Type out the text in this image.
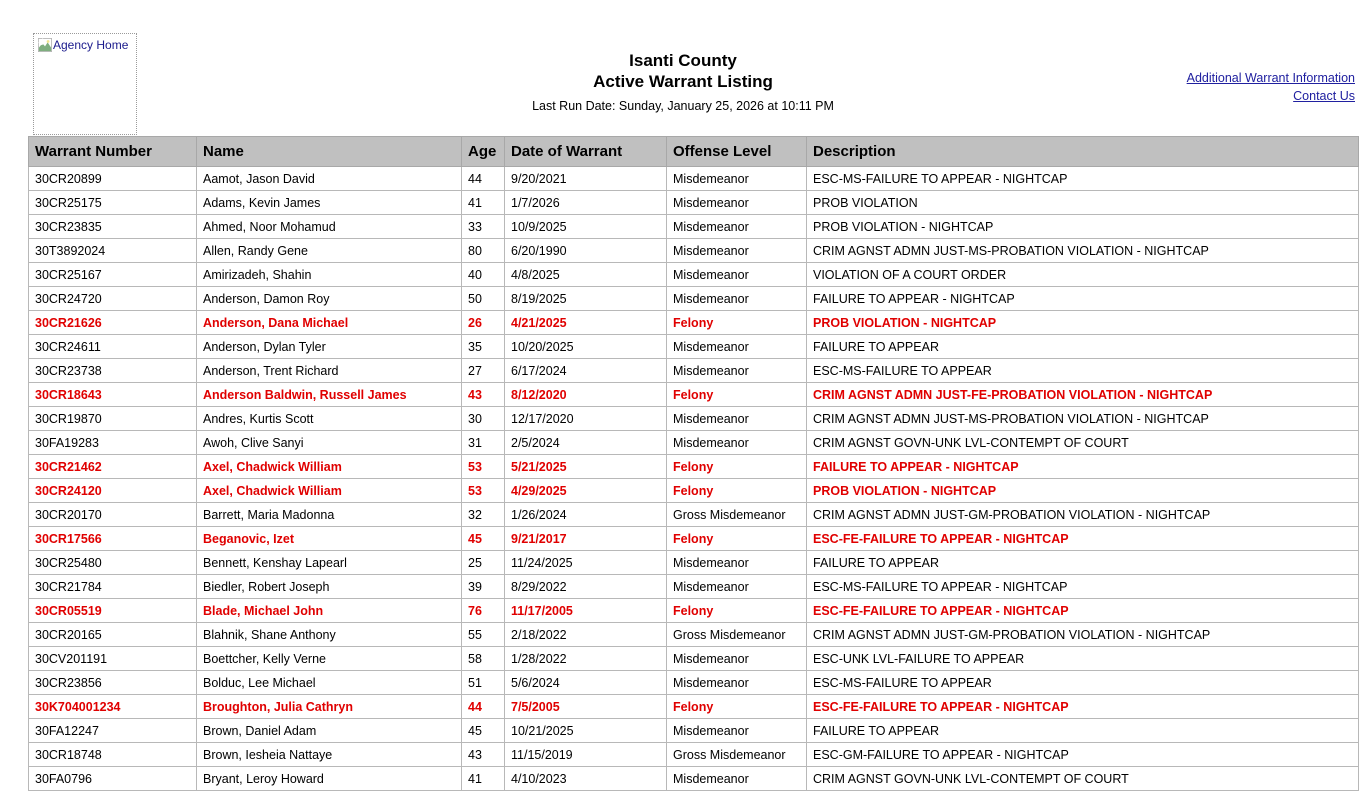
Agency Home
Isanti County
Active Warrant Listing
Last Run Date: Sunday, January 25, 2026 at 10:11 PM
Additional Warrant Information
Contact Us
Warrant Number	Name	Age	Date of Warrant	Offense Level	Description
30CR20899	Aamot, Jason David	44	9/20/2021	Misdemeanor	ESC-MS-FAILURE TO APPEAR - NIGHTCAP
30CR25175	Adams, Kevin James	41	1/7/2026	Misdemeanor	PROB VIOLATION
30CR23835	Ahmed, Noor Mohamud	33	10/9/2025	Misdemeanor	PROB VIOLATION - NIGHTCAP
30T3892024	Allen, Randy Gene	80	6/20/1990	Misdemeanor	CRIM AGNST ADMN JUST-MS-PROBATION VIOLATION - NIGHTCAP
30CR25167	Amirizadeh, Shahin	40	4/8/2025	Misdemeanor	VIOLATION OF A COURT ORDER
30CR24720	Anderson, Damon Roy	50	8/19/2025	Misdemeanor	FAILURE TO APPEAR - NIGHTCAP
30CR21626	Anderson, Dana Michael	26	4/21/2025	Felony	PROB VIOLATION - NIGHTCAP
30CR24611	Anderson, Dylan Tyler	35	10/20/2025	Misdemeanor	FAILURE TO APPEAR
30CR23738	Anderson, Trent Richard	27	6/17/2024	Misdemeanor	ESC-MS-FAILURE TO APPEAR
30CR18643	Anderson Baldwin, Russell James	43	8/12/2020	Felony	CRIM AGNST ADMN JUST-FE-PROBATION VIOLATION - NIGHTCAP
30CR19870	Andres, Kurtis Scott	30	12/17/2020	Misdemeanor	CRIM AGNST ADMN JUST-MS-PROBATION VIOLATION - NIGHTCAP
30FA19283	Awoh, Clive Sanyi	31	2/5/2024	Misdemeanor	CRIM AGNST GOVN-UNK LVL-CONTEMPT OF COURT
30CR21462	Axel, Chadwick William	53	5/21/2025	Felony	FAILURE TO APPEAR - NIGHTCAP
30CR24120	Axel, Chadwick William	53	4/29/2025	Felony	PROB VIOLATION - NIGHTCAP
30CR20170	Barrett, Maria Madonna	32	1/26/2024	Gross Misdemeanor	CRIM AGNST ADMN JUST-GM-PROBATION VIOLATION - NIGHTCAP
30CR17566	Beganovic, Izet	45	9/21/2017	Felony	ESC-FE-FAILURE TO APPEAR - NIGHTCAP
30CR25480	Bennett, Kenshay Lapearl	25	11/24/2025	Misdemeanor	FAILURE TO APPEAR
30CR21784	Biedler, Robert Joseph	39	8/29/2022	Misdemeanor	ESC-MS-FAILURE TO APPEAR - NIGHTCAP
30CR05519	Blade, Michael John	76	11/17/2005	Felony	ESC-FE-FAILURE TO APPEAR - NIGHTCAP
30CR20165	Blahnik, Shane Anthony	55	2/18/2022	Gross Misdemeanor	CRIM AGNST ADMN JUST-GM-PROBATION VIOLATION - NIGHTCAP
30CV201191	Boettcher, Kelly Verne	58	1/28/2022	Misdemeanor	ESC-UNK LVL-FAILURE TO APPEAR
30CR23856	Bolduc, Lee Michael	51	5/6/2024	Misdemeanor	ESC-MS-FAILURE TO APPEAR
30K704001234	Broughton, Julia Cathryn	44	7/5/2005	Felony	ESC-FE-FAILURE TO APPEAR - NIGHTCAP
30FA12247	Brown, Daniel Adam	45	10/21/2025	Misdemeanor	FAILURE TO APPEAR
30CR18748	Brown, Iesheia Nattaye	43	11/15/2019	Gross Misdemeanor	ESC-GM-FAILURE TO APPEAR - NIGHTCAP
30FA0796	Bryant, Leroy Howard	41	4/10/2023	Misdemeanor	CRIM AGNST GOVN-UNK LVL-CONTEMPT OF COURT
